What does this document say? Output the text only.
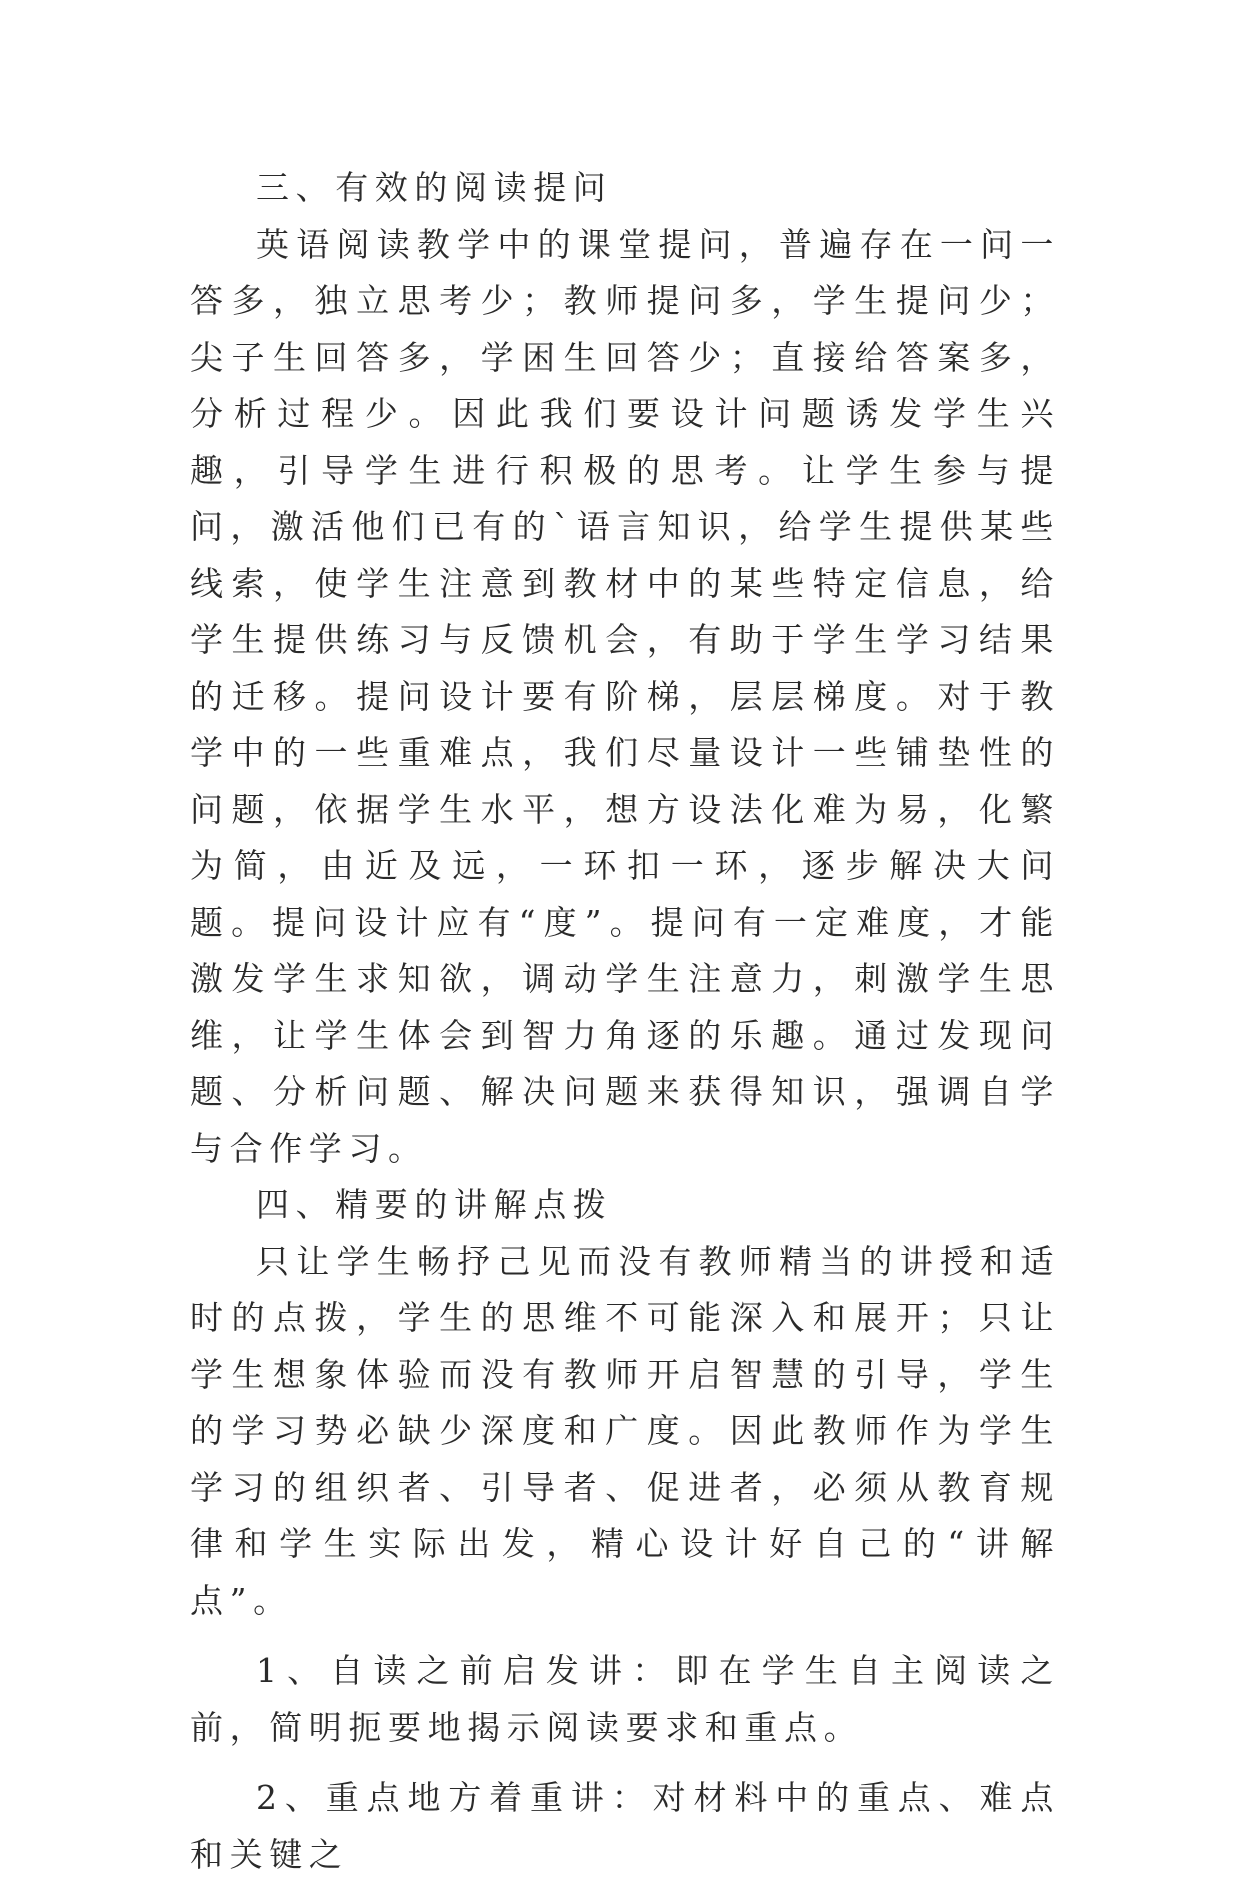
三、有效的阅读提问

英语阅读教学中的课堂提问，普遍存在一问一答多，独立思考少；教师提问多，学生提问少；尖子生回答多，学困生回答少；直接给答案多，分析过程少。因此我们要设计问题诱发学生兴趣，引导学生进行积极的思考。让学生参与提问，激活他们已有的`语言知识，给学生提供某些线索，使学生注意到教材中的某些特定信息，给学生提供练习与反馈机会，有助于学生学习结果的迁移。提问设计要有阶梯，层层梯度。对于教学中的一些重难点，我们尽量设计一些铺垫性的问题，依据学生水平，想方设法化难为易，化繁为简，由近及远，一环扣一环，逐步解决大问题。提问设计应有“度”。提问有一定难度，才能激发学生求知欲，调动学生注意力，刺激学生思维，让学生体会到智力角逐的乐趣。通过发现问题、分析问题、解决问题来获得知识，强调自学与合作学习。

四、精要的讲解点拨

只让学生畅抒己见而没有教师精当的讲授和适时的点拨，学生的思维不可能深入和展开；只让学生想象体验而没有教师开启智慧的引导，学生的学习势必缺少深度和广度。因此教师作为学生学习的组织者、引导者、促进者，必须从教育规律和学生实际出发，精心设计好自己的“讲解点”。

1、自读之前启发讲：即在学生自主阅读之前，简明扼要地揭示阅读要求和重点。

2、重点地方着重讲：对材料中的重点、难点和关键之
